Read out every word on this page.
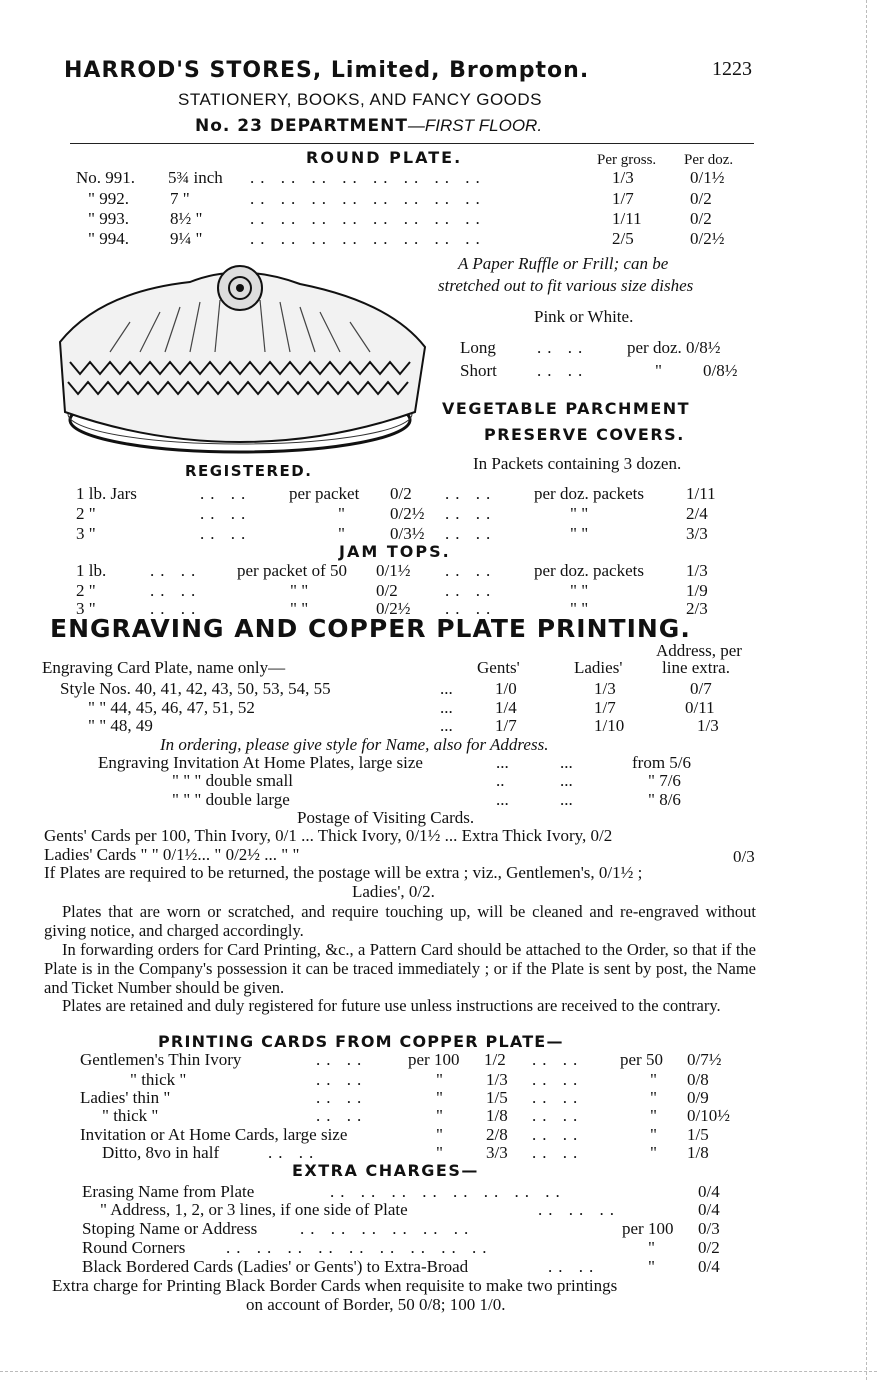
HARROD'S STORES, Limited, Brompton.	1223
STATIONERY, BOOKS, AND FANCY GOODS
No. 23 DEPARTMENT—FIRST FLOOR.
ROUND PLATE.	Per gross. Per doz.
No. 991. 5¾ inch .. .. .. .. .. .. .. ..	1/3	0/1½
" 992. 7 "	.. .. .. .. .. .. .. ..	1/7	0/2
" 993. 8½ "	.. .. .. .. .. .. .. ..	1/11	0/2
" 994. 9¼ "	.. .. .. .. .. .. .. ..	2/5	0/2½
REGISTERED.
A Paper Ruffle or Frill; can be
stretched out to fit various size dishes
Pink or White.
Long .. .. per doz. 0/8½
Short .. ..	" 0/8½
VEGETABLE PARCHMENT
PRESERVE COVERS.
In Packets containing 3 dozen.
1 lb. Jars	.. .. per packet 0/2 .. .. per doz. packets 1/11
2 "	.. ..	"	0/2½ .. ..	" "	2/4
3 "	.. ..	"	0/3½ .. ..	" "	3/3
JAM TOPS.
1 lb.	.. .. per packet of 50 0/1½ .. .. per doz. packets 1/3
2 "	.. ..	" "	0/2	.. ..	" "	1/9
3 "	.. ..	" "	0/2½ .. ..	" "	2/3
ENGRAVING AND COPPER PLATE PRINTING.
Address, per
line extra.
Engraving Card Plate, name only—	Gents'	Ladies'
Style Nos. 40, 41, 42, 43, 50, 53, 54, 55	... 1/0	1/3	0/7
" " 44, 45, 46, 47, 51, 52	... 1/4	1/7	0/11
" " 48, 49	... 1/7	1/10	1/3
In ordering, please give style for Name, also for Address.
Engraving Invitation At Home Plates, large size	...	...	from 5/6
" " " double small	..	...	" 7/6
" " " double large	...	...	" 8/6
Postage of Visiting Cards.
Gents' Cards per 100, Thin Ivory, 0/1 ... Thick Ivory, 0/1½ ... Extra Thick Ivory, 0/2
Ladies' Cards " " 0/1½... " 0/2½ ... " "	0/3
If Plates are required to be returned, the postage will be extra ; viz., Gentlemen's, 0/1½ ;
Ladies', 0/2.
Plates that are worn or scratched, and require touching up, will be cleaned and re-engraved without giving notice, and charged accordingly.
In forwarding orders for Card Printing, &c., a Pattern Card should be attached to the Order, so that if the Plate is in the Company's possession it can be traced immediately ; or if the Plate is sent by post, the Name and Ticket Number should be given.
Plates are retained and duly registered for future use unless instructions are received to the contrary.
PRINTING CARDS FROM COPPER PLATE—
Gentlemen's Thin Ivory	.. .. per 100 1/2 .. .. per 50 0/7½
" thick "	.. ..	"	1/3 .. ..	" 0/8
Ladies' thin "	.. ..	"	1/5 .. ..	" 0/9
" thick "	.. ..	"	1/8 .. ..	" 0/10½
Invitation or At Home Cards, large size	"	2/8 .. ..	" 1/5
Ditto, 8vo in half	.. ..	"	3/3 .. ..	" 1/8
EXTRA CHARGES—
Erasing Name from Plate	.. .. .. .. .. .. .. ..	0/4
" Address, 1, 2, or 3 lines, if one side of Plate	.. .. ..	0/4
Stoping Name or Address	.. .. .. .. .. ..	per 100 0/3
Round Corners .. .. .. .. .. .. .. .. ..	"	0/2
Black Bordered Cards (Ladies' or Gents') to Extra-Broad	.. ..	"	0/4
Extra charge for Printing Black Border Cards when requisite to make two printings
on account of Border, 50 0/8; 100 1/0.
